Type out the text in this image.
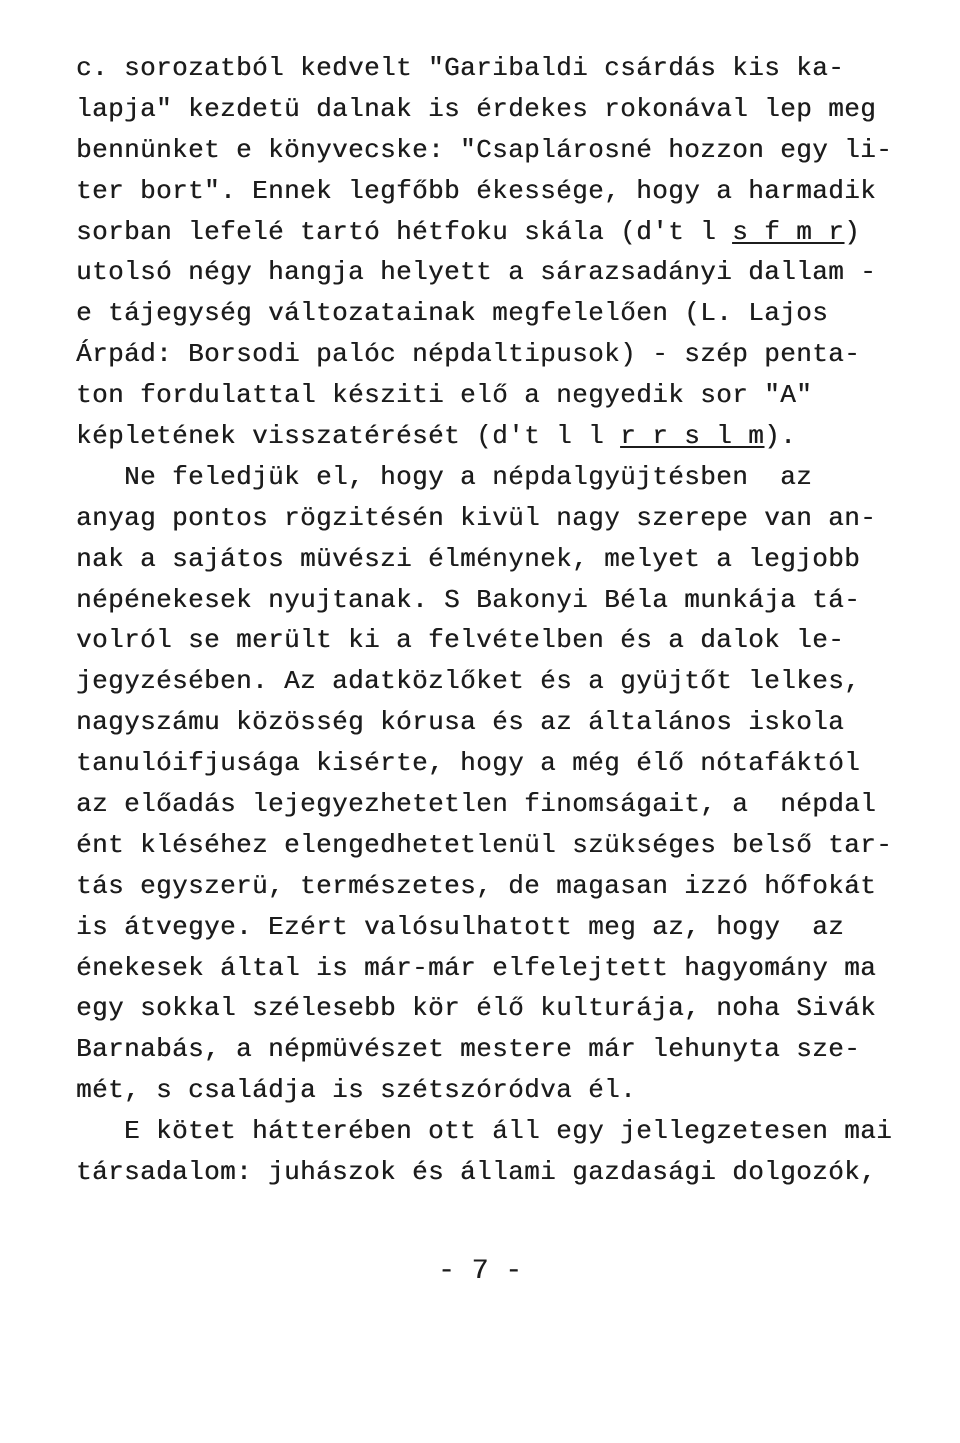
c. sorozatból kedvelt "Garibaldi csárdás kis ka-
lapja" kezdetü dalnak is érdekes rokonával lep meg
bennünket e könyvecske: "Csaplárosné hozzon egy li-
ter bort". Ennek legfőbb ékessége, hogy a harmadik
sorban lefelé tartó hétfoku skála (d't l s f m r)
utolsó négy hangja helyett a sárazsadányi dallam -
e tájegység változatainak megfelelően (L. Lajos
Árpád: Borsodi palóc népdaltipusok) - szép penta-
ton fordulattal késziti elő a negyedik sor "A"
képletének visszatérését (d't l l r r s l m).
Ne feledjük el, hogy a népdalgyüjtésben  az
anyag pontos rögzitésén kivül nagy szerepe van an-
nak a sajátos müvészi élménynek, melyet a legjobb
népénekesek nyujtanak. S Bakonyi Béla munkája tá-
volról se merült ki a felvételben és a dalok le-
jegyzésében. Az adatközlőket és a gyüjtőt lelkes,
nagyszámu közösség kórusa és az általános iskola
tanulóifjusága kisérte, hogy a még élő nótafáktól
az előadás lejegyezhetetlen finomságait, a  népdal
ént kléséhez elengedhetetlenül szükséges belső tar-
tás egyszerü, természetes, de magasan izzó hőfokát
is átvegye. Ezért valósulhatott meg az, hogy  az
énekesek által is már-már elfelejtett hagyomány ma
egy sokkal szélesebb kör élő kulturája, noha Sivák
Barnabás, a népmüvészet mestere már lehunyta sze-
mét, s családja is szétszóródva él.
E kötet hátterében ott áll egy jellegzetesen mai
társadalom: juhászok és állami gazdasági dolgozók,
- 7 -
